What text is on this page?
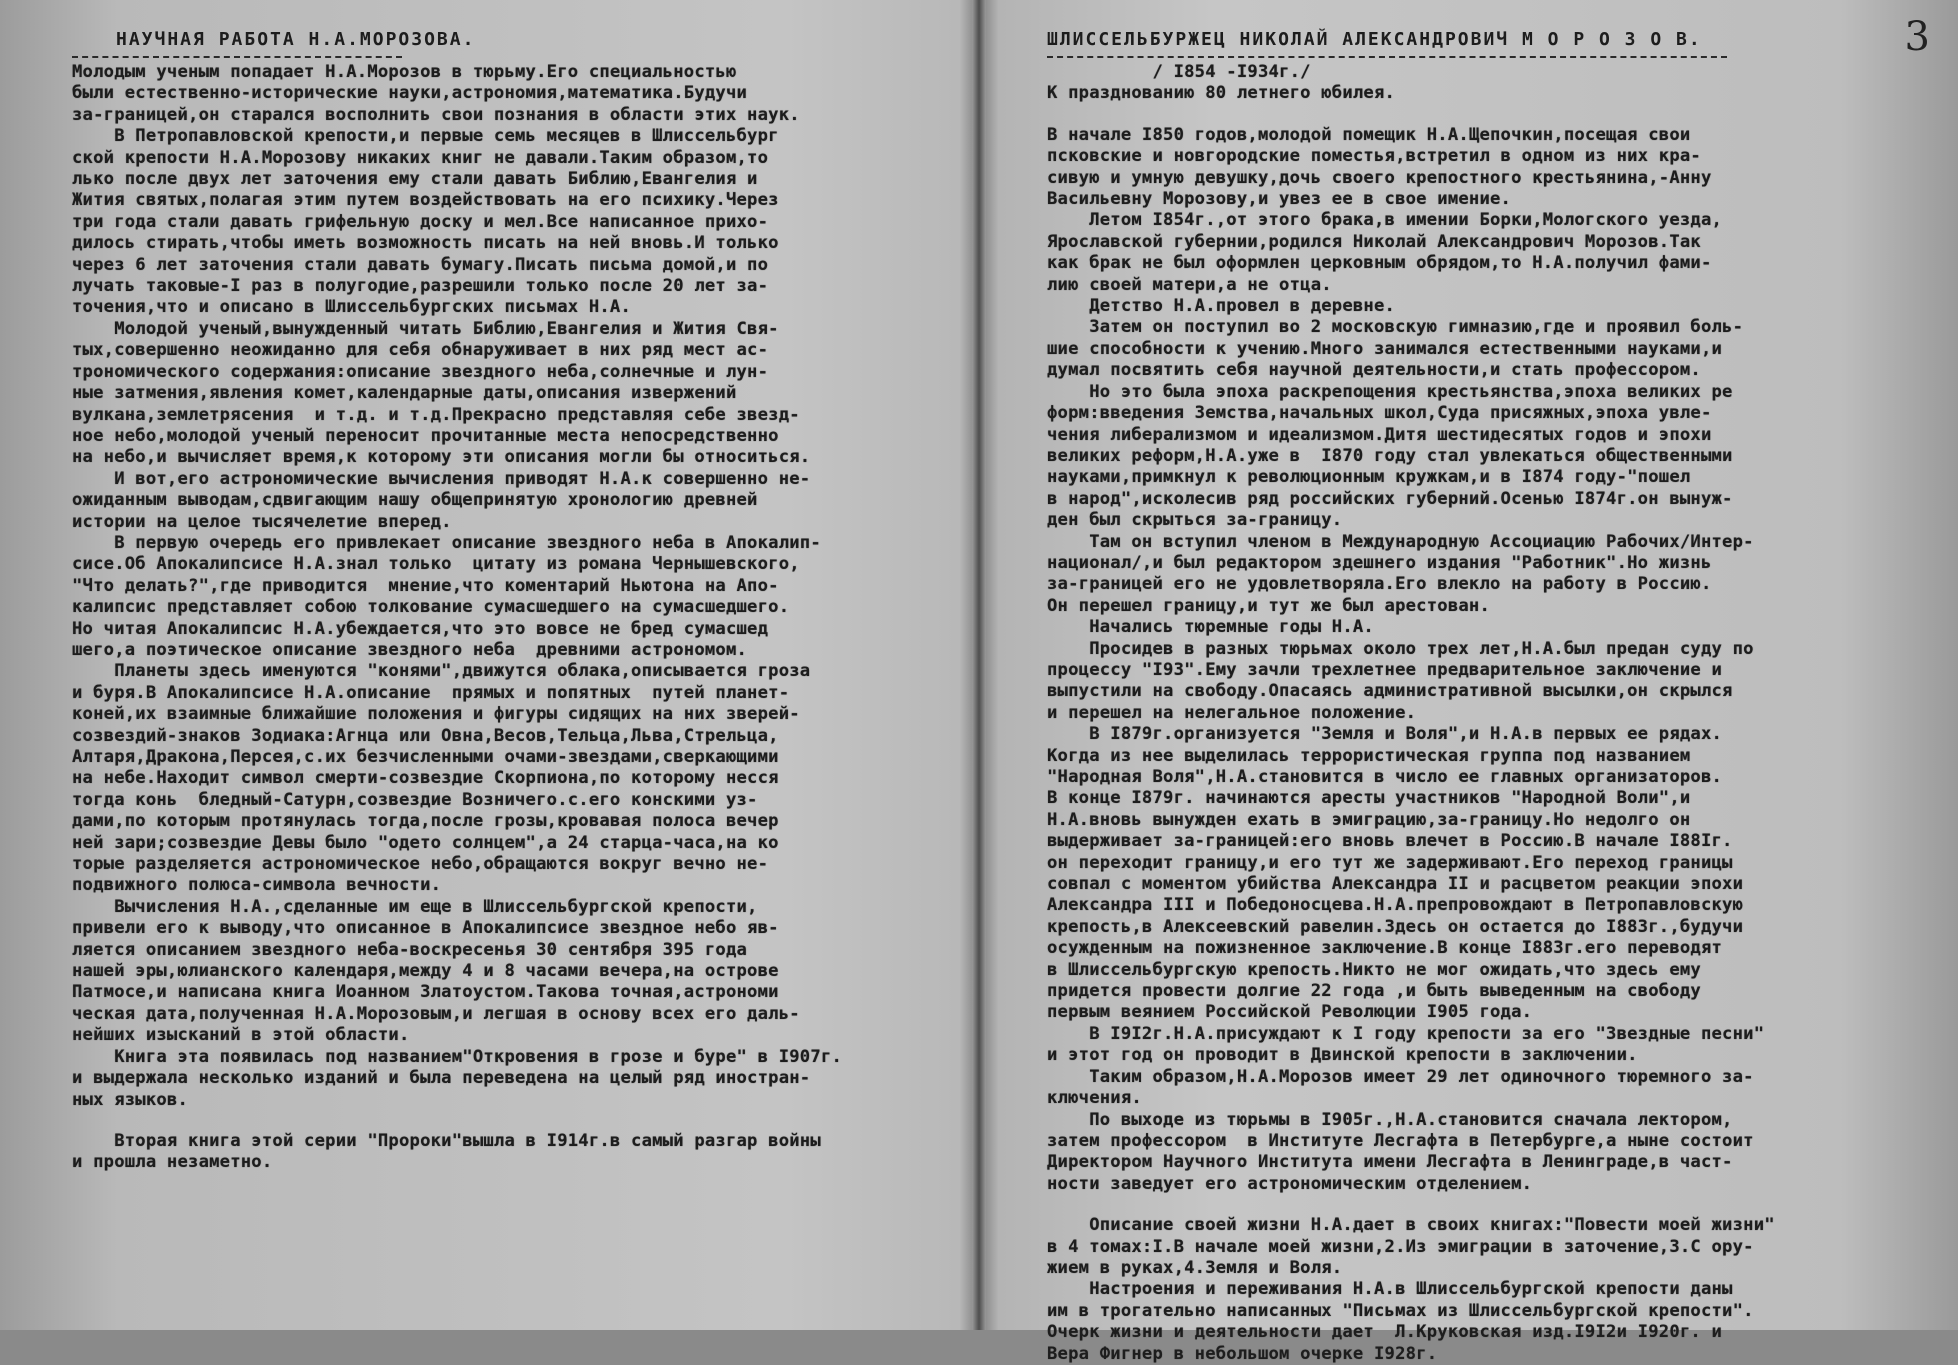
НАУЧНАЯ РАБОТА Н.А.МОРОЗОВА.
Молодым ученым попадает Н.А.Морозов в тюрьму.Его специальностью
были естественно-исторические науки,астрономия,математика.Будучи
за-границей,он старался восполнить свои познания в области этих наук.
В Петропавловской крепости,и первые семь месяцев в Шлиссельбург
ской крепости Н.А.Морозову никаких книг не давали.Таким образом,то
лько после двух лет заточения ему стали давать Библию,Евангелия и
Жития святых,полагая этим путем воздействовать на его психику.Через
три года стали давать грифельную доску и мел.Все написанное прихо-
дилось стирать,чтобы иметь возможность писать на ней вновь.И только
через 6 лет заточения стали давать бумагу.Писать письма домой,и по
лучать таковые-I раз в полугодие,разрешили только после 20 лет за-
точения,что и описано в Шлиссельбургских письмах Н.А.
Молодой ученый,вынужденный читать Библию,Евангелия и Жития Свя-
тых,совершенно неожиданно для себя обнаруживает в них ряд мест ас-
трономического содержания:описание звездного неба,солнечные и лун-
ные затмения,явления комет,календарные даты,описания извержений
вулкана,землетрясения  и т.д. и т.д.Прекрасно представляя себе звезд-
ное небо,молодой ученый переносит прочитанные места непосредственно
на небо,и вычисляет время,к которому эти описания могли бы относиться.
И вот,его астрономические вычисления приводят Н.А.к совершенно не-
ожиданным выводам,сдвигающим нашу общепринятую хронологию древней
истории на целое тысячелетие вперед.
В первую очередь его привлекает описание звездного неба в Апокалип-
сисе.Об Апокалипсисе Н.А.знал только  цитату из романа Чернышевского,
"Что делать?",где приводится  мнение,что коментарий Ньютона на Апо-
калипсис представляет собою толкование сумасшедшего на сумасшедшего.
Но читая Апокалипсис Н.А.убеждается,что это вовсе не бред сумасшед
шего,а поэтическое описание звездного неба  древними астрономом.
Планеты здесь именуются "конями",движутся облака,описывается гроза
и буря.В Апокалипсисе Н.А.описание  прямых и попятных  путей планет-
коней,их взаимные ближайшие положения и фигуры сидящих на них зверей-
созвездий-знаков Зодиака:Агнца или Овна,Весов,Тельца,Льва,Стрельца,
Алтаря,Дракона,Персея,с.их безчисленными очами-звездами,сверкающими
на небе.Находит символ смерти-созвездие Скорпиона,по которому несся
тогда конь  бледный-Сатурн,созвездие Возничего.с.его конскими уз-
дами,по которым протянулась тогда,после грозы,кровавая полоса вечер
ней зари;созвездие Девы было "одето солнцем",а 24 старца-часа,на ко
торые разделяется астрономическое небо,обращаются вокруг вечно не-
подвижного полюса-символа вечности.
Вычисления Н.А.,сделанные им еще в Шлиссельбургской крепости,
привели его к выводу,что описанное в Апокалипсисе звездное небо яв-
ляется описанием звездного неба-воскресенья 30 сентября 395 года
нашей эры,юлианского календаря,между 4 и 8 часами вечера,на острове
Патмосе,и написана книга Иоанном Златоустом.Такова точная,астрономи
ческая дата,полученная Н.А.Морозовым,и легшая в основу всех его даль-
нейших изысканий в этой области.
Книга эта появилась под названием"Откровения в грозе и буре" в I907г.
и выдержала несколько изданий и была переведена на целый ряд иностран-
ных языков.
Вторая книга этой серии "Пророки"вышла в I914г.в самый разгар войны
и прошла незаметно.
3
ШЛИССЕЛЬБУРЖЕЦ НИКОЛАЙ АЛЕКСАНДРОВИЧ М О Р О З О В.
/ I854 -I934г./
К празднованию 80 летнего юбилея.
В начале I850 годов,молодой помещик Н.А.Щепочкин,посещая свои
псковские и новгородские поместья,встретил в одном из них кра-
сивую и умную девушку,дочь своего крепостного крестьянина,-Анну
Васильевну Морозову,и увез ее в свое имение.
Летом I854г.,от этого брака,в имении Борки,Мологского уезда,
Ярославской губернии,родился Николай Александрович Морозов.Так
как брак не был оформлен церковным обрядом,то Н.А.получил фами-
лию своей матери,а не отца.
Детство Н.А.провел в деревне.
Затем он поступил во 2 московскую гимназию,где и проявил боль-
шие способности к учению.Много занимался естественными науками,и
думал посвятить себя научной деятельности,и стать профессором.
Но это была эпоха раскрепощения крестьянства,эпоха великих ре
форм:введения Земства,начальных школ,Суда присяжных,эпоха увле-
чения либерализмом и идеализмом.Дитя шестидесятых годов и эпохи
великих реформ,Н.А.уже в  I870 году стал увлекаться общественными
науками,примкнул к революционным кружкам,и в I874 году-"пошел
в народ",исколесив ряд российских губерний.Осенью I874г.он вынуж-
ден был скрыться за-границу.
Там он вступил членом в Международную Ассоциацию Рабочих/Интер-
национал/,и был редактором здешнего издания "Работник".Но жизнь
за-границей его не удовлетворяла.Его влекло на работу в Россию.
Он перешел границу,и тут же был арестован.
Начались тюремные годы Н.А.
Просидев в разных тюрьмах около трех лет,Н.А.был предан суду по
процессу "I93".Ему зачли трехлетнее предварительное заключение и
выпустили на свободу.Опасаясь административной высылки,он скрылся
и перешел на нелегальное положение.
В I879г.организуется "Земля и Воля",и Н.А.в первых ее рядах.
Когда из нее выделилась террористическая группа под названием
"Народная Воля",Н.А.становится в число ее главных организаторов.
В конце I879г. начинаются аресты участников "Народной Воли",и
Н.А.вновь вынужден ехать в эмиграцию,за-границу.Но недолго он
выдерживает за-границей:его вновь влечет в Россию.В начале I88Iг.
он переходит границу,и его тут же задерживают.Его переход границы
совпал с моментом убийства Александра II и расцветом реакции эпохи
Александра III и Победоносцева.Н.А.препровождают в Петропавловскую
крепость,в Алексеевский равелин.Здесь он остается до I883г.,будучи
осужденным на пожизненное заключение.В конце I883г.его переводят
в Шлиссельбургскую крепость.Никто не мог ожидать,что здесь ему
придется провести долгие 22 года ,и быть выведенным на свободу
первым веянием Российской Революции I905 года.
В I9I2г.Н.А.присуждают к I году крепости за его "Звездные песни"
и этот год он проводит в Двинской крепости в заключении.
Таким образом,Н.А.Морозов имеет 29 лет одиночного тюремного за-
ключения.
По выходе из тюрьмы в I905г.,Н.А.становится сначала лектором,
затем профессором  в Институте Лесгафта в Петербурге,а ныне состоит
Директором Научного Института имени Лесгафта в Ленинграде,в част-
ности заведует его астрономическим отделением.
Описание своей жизни Н.А.дает в своих книгах:"Повести моей жизни"
в 4 томах:I.В начале моей жизни,2.Из эмиграции в заточение,3.С ору-
жием в руках,4.Земля и Воля.
Настроения и переживания Н.А.в Шлиссельбургской крепости даны
им в трогательно написанных "Письмах из Шлиссельбургской крепости".
Очерк жизни и деятельности дает  Л.Круковская изд.I9I2и I920г. и
Вера Фигнер в небольшом очерке I928г.
